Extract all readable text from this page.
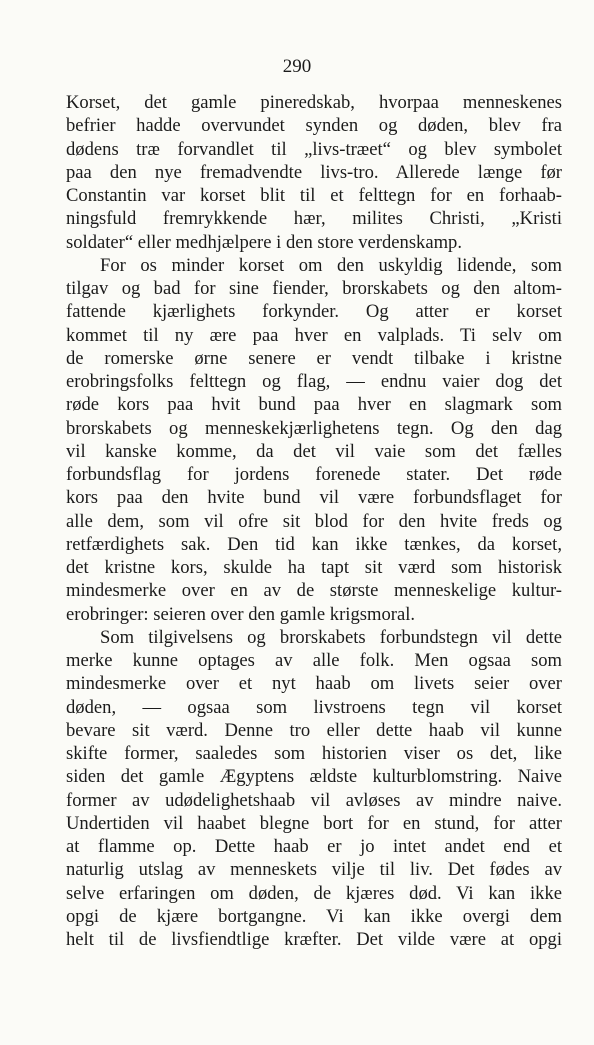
290
Korset, det gamle pineredskab, hvorpaa menneskenes
befrier hadde overvundet synden og døden, blev fra
dødens træ forvandlet til „livs-træet“ og blev symbolet
paa den nye fremadvendte livs-tro. Allerede længe før
Constantin var korset blit til et felttegn for en forhaab-
ningsfuld fremrykkende hær, milites Christi, „Kristi
soldater“ eller medhjælpere i den store verdenskamp.
For os minder korset om den uskyldig lidende, som
tilgav og bad for sine fiender, brorskabets og den altom-
fattende kjærlighets forkynder. Og atter er korset
kommet til ny ære paa hver en valplads. Ti selv om
de romerske ørne senere er vendt tilbake i kristne
erobringsfolks felttegn og flag, — endnu vaier dog det
røde kors paa hvit bund paa hver en slagmark som
brorskabets og menneskekjærlighetens tegn. Og den dag
vil kanske komme, da det vil vaie som det fælles
forbundsflag for jordens forenede stater. Det røde
kors paa den hvite bund vil være forbundsflaget for
alle dem, som vil ofre sit blod for den hvite freds og
retfærdighets sak. Den tid kan ikke tænkes, da korset,
det kristne kors, skulde ha tapt sit værd som historisk
mindesmerke over en av de største menneskelige kultur-
erobringer: seieren over den gamle krigsmoral.
Som tilgivelsens og brorskabets forbundstegn vil dette
merke kunne optages av alle folk. Men ogsaa som
mindesmerke over et nyt haab om livets seier over
døden, — ogsaa som livstroens tegn vil korset
bevare sit værd. Denne tro eller dette haab vil kunne
skifte former, saaledes som historien viser os det, like
siden det gamle Ægyptens ældste kulturblomstring. Naive
former av udødelighetshaab vil avløses av mindre naive.
Undertiden vil haabet blegne bort for en stund, for atter
at flamme op. Dette haab er jo intet andet end et
naturlig utslag av menneskets vilje til liv. Det fødes av
selve erfaringen om døden, de kjæres død. Vi kan ikke
opgi de kjære bortgangne. Vi kan ikke overgi dem
helt til de livsfiendtlige kræfter. Det vilde være at opgi
